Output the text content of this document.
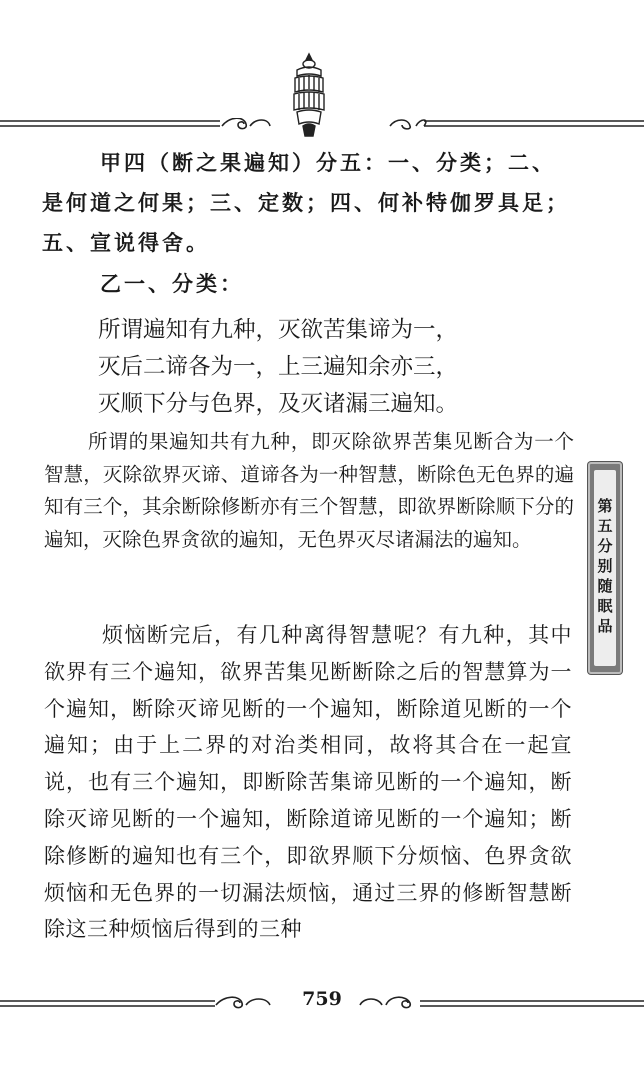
甲四（断之果遍知）分五：一、分类；二、是何道之何果；三、定数；四、何补特伽罗具足；五、宣说得舍。
乙一、分类：
所谓遍知有九种，灭欲苦集谛为一，
灭后二谛各为一，上三遍知余亦三，
灭顺下分与色界，及灭诸漏三遍知。
所谓的果遍知共有九种，即灭除欲界苦集见断合为一个智慧，灭除欲界灭谛、道谛各为一种智慧，断除色无色界的遍知有三个，其余断除修断亦有三个智慧，即欲界断除顺下分的遍知，灭除色界贪欲的遍知，无色界灭尽诸漏法的遍知。
烦恼断完后，有几种离得智慧呢？有九种，其中欲界有三个遍知，欲界苦集见断断除之后的智慧算为一个遍知，断除灭谛见断的一个遍知，断除道见断的一个遍知；由于上二界的对治类相同，故将其合在一起宣说，也有三个遍知，即断除苦集谛见断的一个遍知，断除灭谛见断的一个遍知，断除道谛见断的一个遍知；断除修断的遍知也有三个，即欲界顺下分烦恼、色界贪欲烦恼和无色界的一切漏法烦恼，通过三界的修断智慧断除这三种烦恼后得到的三种
第五分别随眠品
759
